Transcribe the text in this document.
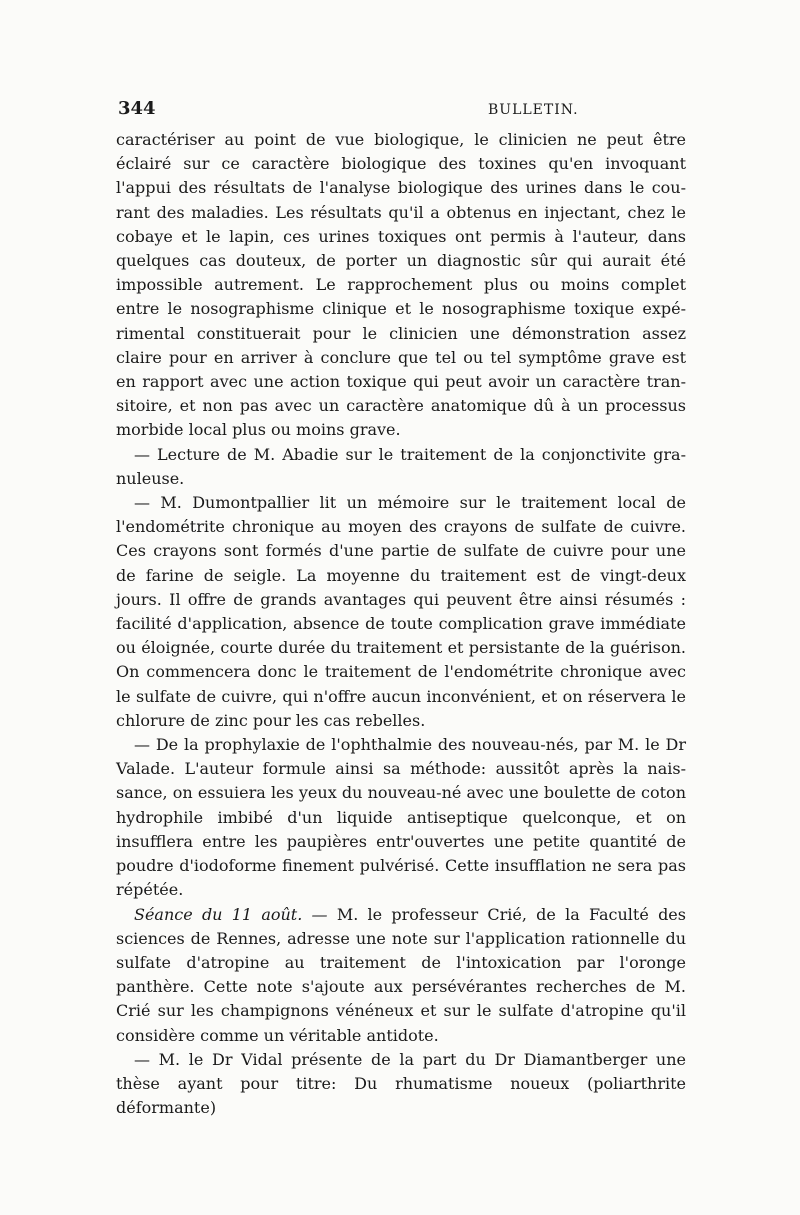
344	BULLETIN.

caractériser au point de vue biologique, le clinicien ne peut être éclairé sur ce caractère biologique des toxines qu'en invoquant l'appui des résultats de l'analyse biologique des urines dans le courant des maladies. Les résultats qu'il a obtenus en injectant, chez le cobaye et le lapin, ces urines toxiques ont permis à l'auteur, dans quelques cas douteux, de porter un diagnostic sûr qui aurait été impossible autrement. Le rapprochement plus ou moins complet entre le nosographisme clinique et le nosographisme toxique expérimental constituerait pour le clinicien une démonstration assez claire pour en arriver à conclure que tel ou tel symptôme grave est en rapport avec une action toxique qui peut avoir un caractère transitoire, et non pas avec un caractère anatomique dû à un processus morbide local plus ou moins grave.

— Lecture de M. Abadie sur le traitement de la conjonctivite granuleuse.

— M. Dumontpallier lit un mémoire sur le traitement local de l'endométrite chronique au moyen des crayons de sulfate de cuivre. Ces crayons sont formés d'une partie de sulfate de cuivre pour une de farine de seigle. La moyenne du traitement est de vingt-deux jours. Il offre de grands avantages qui peuvent être ainsi résumés : facilité d'application, absence de toute complication grave immédiate ou éloignée, courte durée du traitement et persistante de la guérison. On commencera donc le traitement de l'endométrite chronique avec le sulfate de cuivre, qui n'offre aucun inconvénient, et on réservera le chlorure de zinc pour les cas rebelles.

— De la prophylaxie de l'ophthalmie des nouveau-nés, par M. le Dr Valade. L'auteur formule ainsi sa méthode: aussitôt après la naissance, on essuiera les yeux du nouveau-né avec une boulette de coton hydrophile imbibé d'un liquide antiseptique quelconque, et on insufflera entre les paupières entr'ouvertes une petite quantité de poudre d'iodoforme finement pulvérisé. Cette insufflation ne sera pas répétée.

Séance du 11 août. — M. le professeur Crié, de la Faculté des sciences de Rennes, adresse une note sur l'application rationnelle du sulfate d'atropine au traitement de l'intoxication par l'oronge panthère. Cette note s'ajoute aux persévérantes recherches de M. Crié sur les champignons vénéneux et sur le sulfate d'atropine qu'il considère comme un véritable antidote.

— M. le Dr Vidal présente de la part du Dr Diamantberger une thèse ayant pour titre: Du rhumatisme noueux (poliarthrite déformante)
